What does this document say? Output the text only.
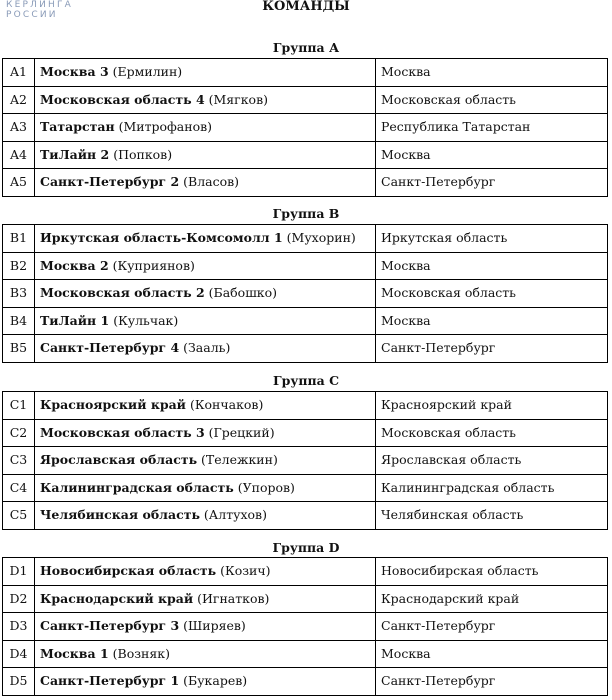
КЁРЛИНГА
РОССИИ
КОМАНДЫ
Группа А
A1	Москва 3 (Ермилин)	Москва
A2	Московская область 4 (Мягков)	Московская область
A3	Татарстан (Митрофанов)	Республика Татарстан
A4	ТиЛайн 2 (Попков)	Москва
A5	Санкт-Петербург 2 (Власов)	Санкт-Петербург
Группа В
B1	Иркутская область-Комсомолл 1 (Мухорин)	Иркутская область
B2	Москва 2 (Куприянов)	Москва
B3	Московская область 2 (Бабошко)	Московская область
B4	ТиЛайн 1 (Кульчак)	Москва
B5	Санкт-Петербург 4 (Зааль)	Санкт-Петербург
Группа С
C1	Красноярский край (Кончаков)	Красноярский край
C2	Московская область 3 (Грецкий)	Московская область
C3	Ярославская область (Тележкин)	Ярославская область
C4	Калининградская область (Упоров)	Калининградская область
C5	Челябинская область (Алтухов)	Челябинская область
Группа D
D1	Новосибирская область (Козич)	Новосибирская область
D2	Краснодарский край (Игнатков)	Краснодарский край
D3	Санкт-Петербург 3 (Ширяев)	Санкт-Петербург
D4	Москва 1 (Возняк)	Москва
D5	Санкт-Петербург 1 (Букарев)	Санкт-Петербург
